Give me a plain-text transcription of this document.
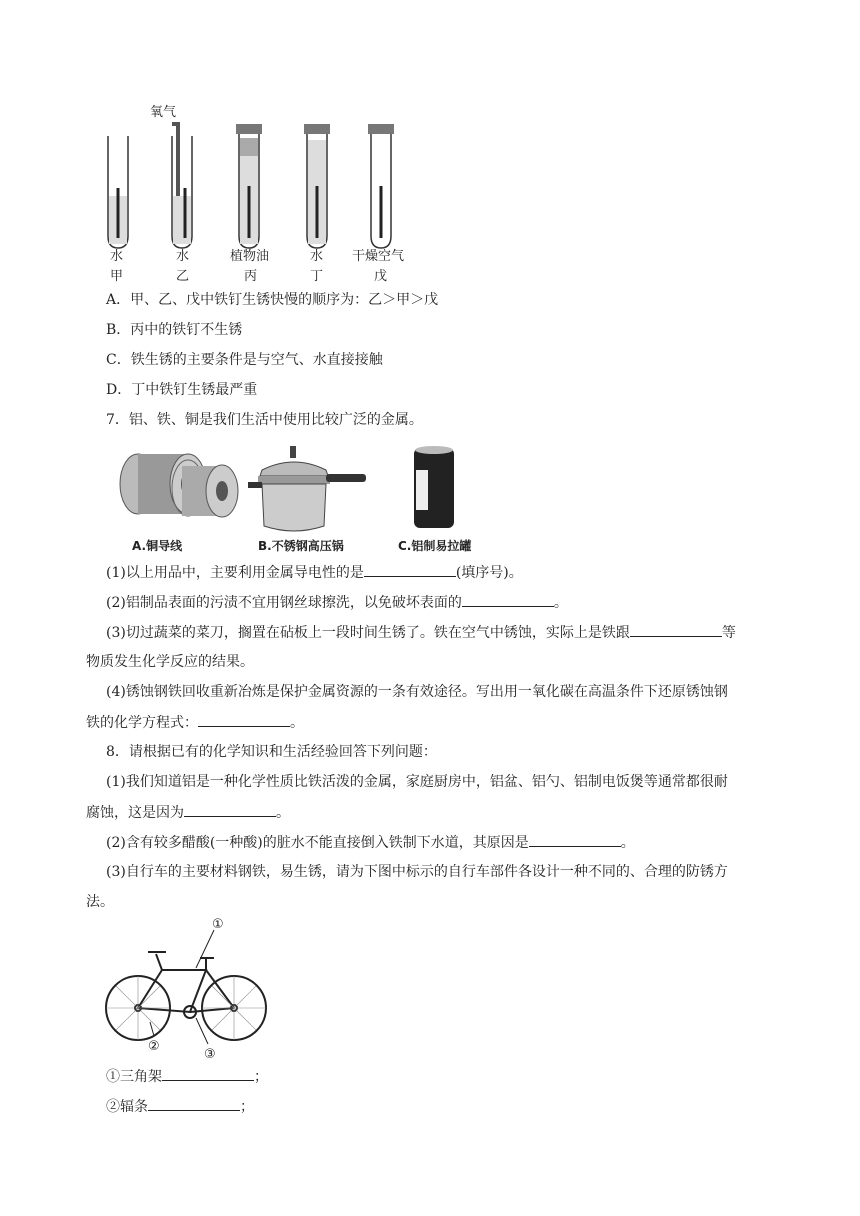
氧气
水
甲
水
乙
植物油
丙
水
丁
干燥空气
戊
A．甲、乙、戊中铁钉生锈快慢的顺序为：乙＞甲＞戊
B．丙中的铁钉不生锈
C．铁生锈的主要条件是与空气、水直接接触
D．丁中铁钉生锈最严重
7．铝、铁、铜是我们生活中使用比较广泛的金属。
A.铜导线	B.不锈钢高压锅	C.铝制易拉罐
(1)以上用品中，主要利用金属导电性的是	(填序号)。
(2)铝制品表面的污渍不宜用钢丝球擦洗，以免破坏表面的	。
(3)切过蔬菜的菜刀，搁置在砧板上一段时间生锈了。铁在空气中锈蚀，实际上是铁跟	等
物质发生化学反应的结果。
(4)锈蚀钢铁回收重新冶炼是保护金属资源的一条有效途径。写出用一氧化碳在高温条件下还原锈蚀钢
铁的化学方程式：	。
8．请根据已有的化学知识和生活经验回答下列问题：
(1)我们知道铝是一种化学性质比铁活泼的金属，家庭厨房中，铝盆、铝勺、铝制电饭煲等通常都很耐
腐蚀，这是因为	。
(2)含有较多醋酸(一种酸)的脏水不能直接倒入铁制下水道，其原因是	。
(3)自行车的主要材料钢铁，易生锈，请为下图中标示的自行车部件各设计一种不同的、合理的防锈方
法。
①
②
③
①三角架	；
②辐条	；
